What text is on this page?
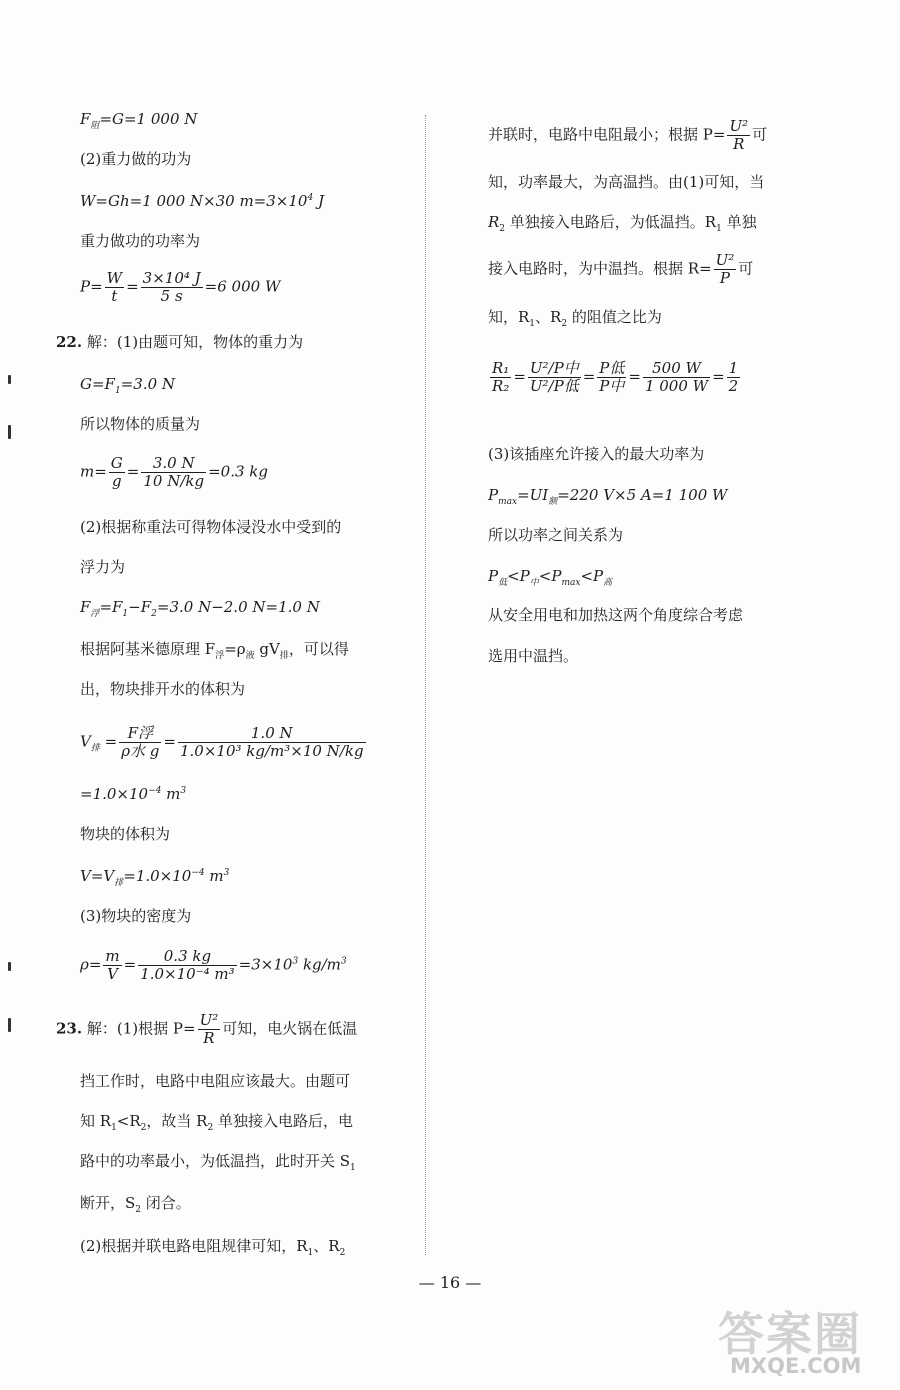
$F_阻=G=1$ 000 N
(2)重力做的功为
W=Gh=1 000 N×30 $m=3\times 10^4$ J
重力做功的功率为
$P= \frac{W}{t} = \frac{\text{3×10⁴ J}}{5 s} =6$ 000 W
22. 解：(1)由题可知，物体的重力为
$G=F_1=3.0$ N
所以物体的质量为
$m= \frac{G}{g} = \frac{3.0 N}{10 N/kg} =0.3$ kg
(2)根据称重法可得物体浸没水中受到的
浮力为
$F_浮=F_1-F_2=3.0$ N−2.0 N=1.0 N
根据阿基米德原理 $F_浮=\rho_液$ $gV_排$，可以得
出，物块排开水的体积为
$V_排 = F$浮
ρ水 g
= $\frac{1.0 N}{\text{1.0×10³ kg/m³×10 N/kg}}$
$=1.0\times 10^{-4}$ $m^3$
物块的体积为
$V=V_排=1.0\times 10^{-4}$ $m^3$
(3)物块的密度为
$\rho= \frac{m}{V} = \frac{0.3 kg}{\text{1.0×10⁻⁴ m³}} =3\times 10^3$ $kg/m^3$
23. 解：(1)根据 $P= \frac{\text{U²}}{R}$ 可知，电火锅在低温
挡工作时，电路中电阻应该最大。由题可
知 $R_1<R_2$，故当 $R_2$ 单独接入电路后，电
路中的功率最小，为低温挡，此时开关 $S_1$
断开，$S_2$ 闭合。
(2)根据并联电路电阻规律可知，$R_1$、$R_2$
并联时，电路中电阻最小；根据 $P= \frac{\text{U²}}{R}$ 可
知，功率最大，为高温挡。由(1)可知，当
$R_2$ 单独接入电路后，为低温挡。$R_1$ 单独
接入电路时，为中温挡。根据 $R= \frac{\text{U²}}{P}$ 可
知，$R_1$、$R_2$ 的阻值之比为
$\frac{\text{R₁}}{\text{R₂}} = U^2/P$中
U²/P低
= P低
P中
= $\frac{500 W}{1 000 W} = \frac{1}{2}$
(3)该插座允许接入的最大功率为
$P_{max}=UI_额=220$ V×5 A=1 100 W
所以功率之间关系为
$P_低<P_中<P_{max}<P_高$
从安全用电和加热这两个角度综合考虑
选用中温挡。
— 16 —
答案圈
MXQE.COM
